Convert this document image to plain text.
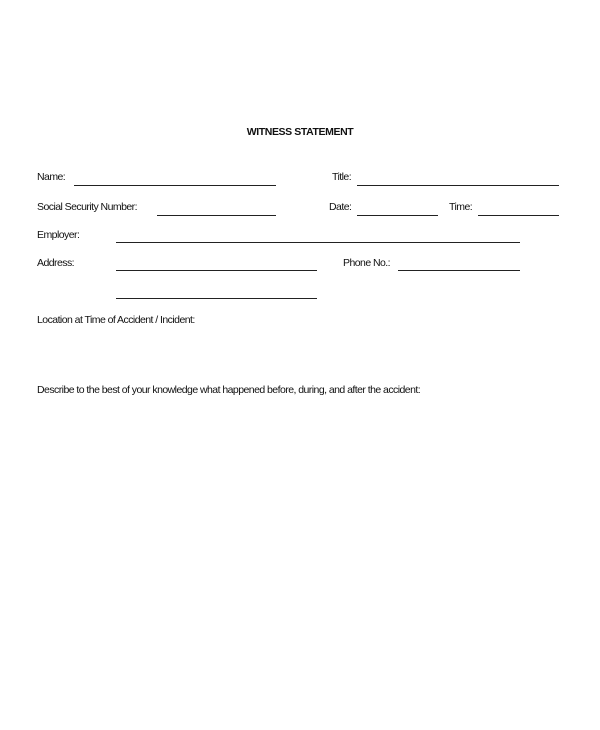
WITNESS STATEMENT
Name:	Title:
Social Security Number:	Date:	Time:
Employer:
Address:	Phone No.:
Location at Time of Accident / Incident:
Describe to the best of your knowledge what happened before, during, and after the accident:
